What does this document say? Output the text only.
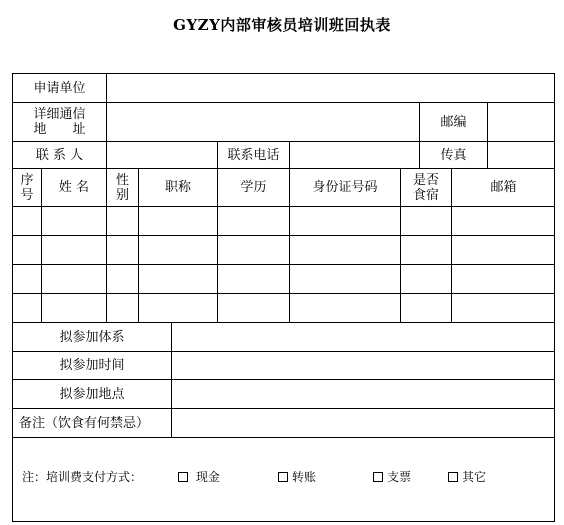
GYZY内部审核员培训班回执表
申请单位
详细通信
地　　址	邮编
联 系 人	联系电话	传真
序号	姓 名	性别	职称	学历	身份证号码	是否食宿	邮箱
拟参加体系
拟参加时间
拟参加地点
备注（饮食有何禁忌）
注：培训费支付方式：	现金	转账	支票	其它
